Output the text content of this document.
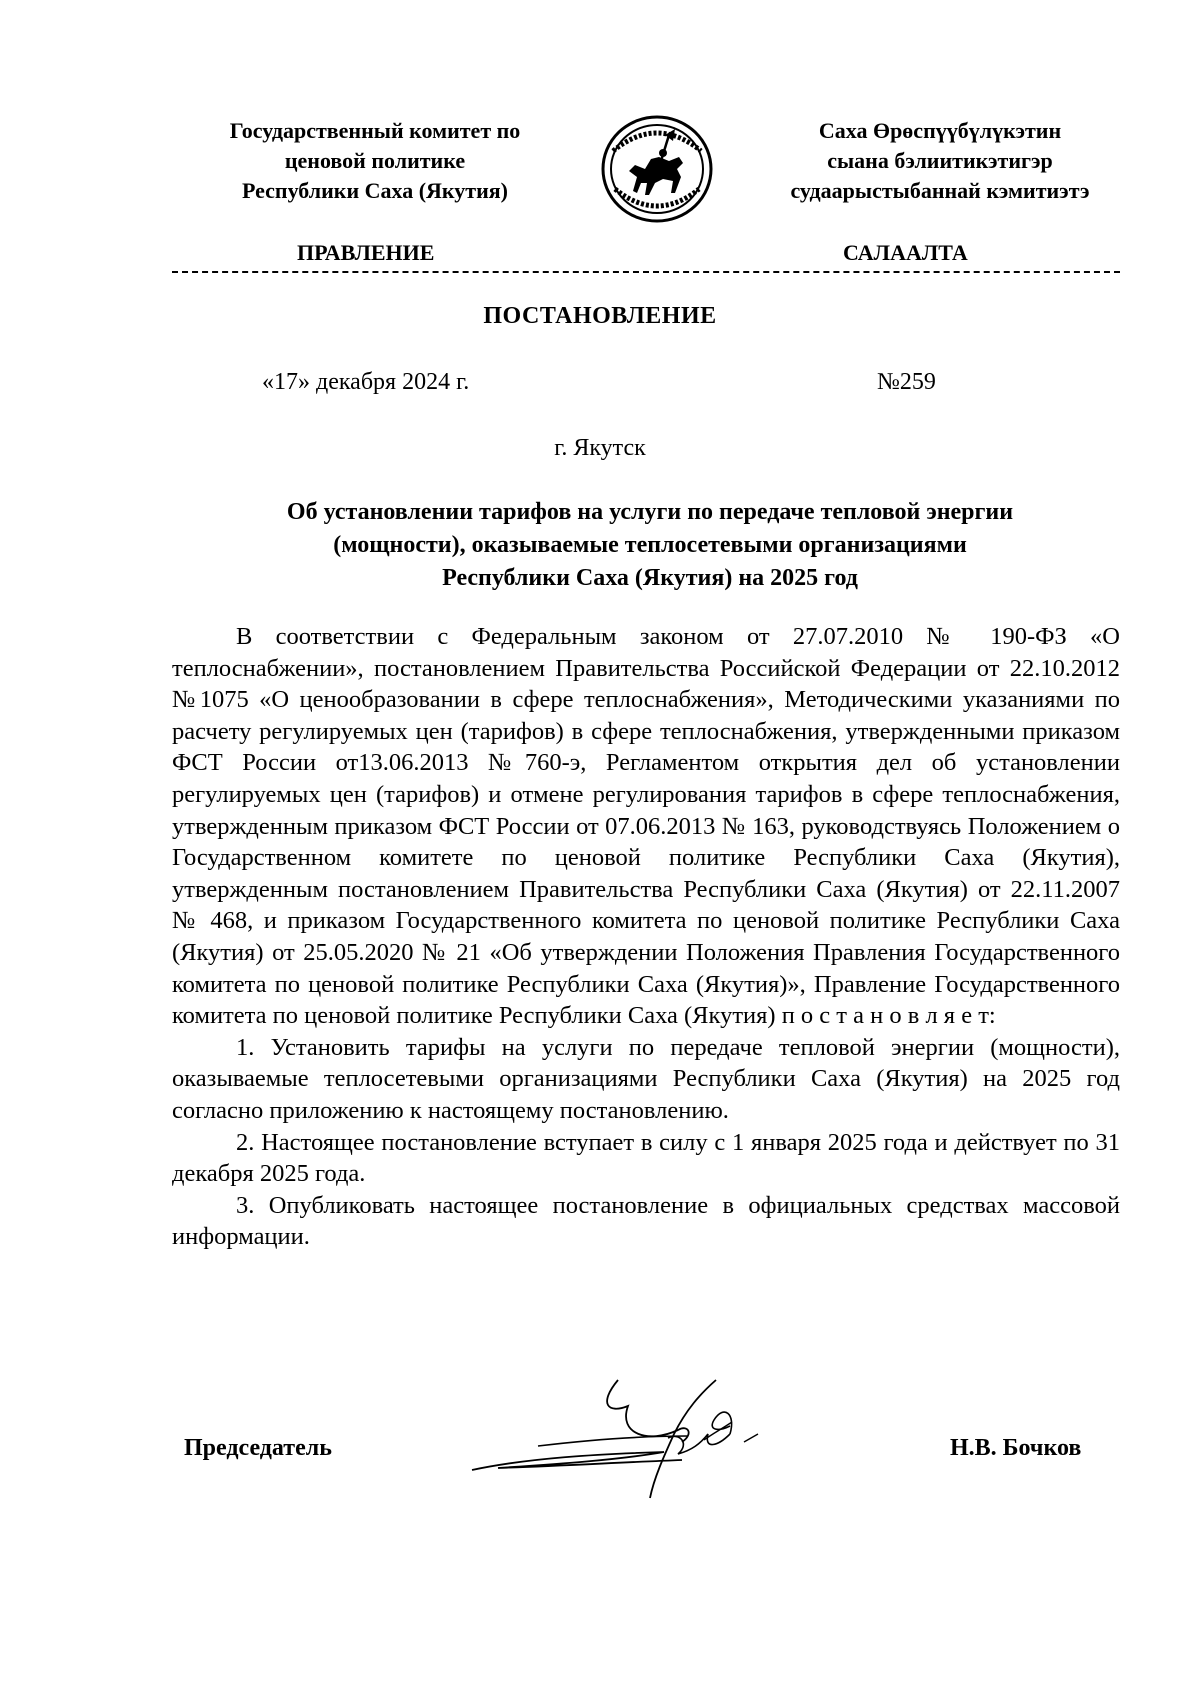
Государственный комитет по
ценовой политике
Республики Саха (Якутия)
Саха Өрөспүүбүлүкэтин
сыана бэлиитикэтигэр
судаарыстыбаннай кэмитиэтэ
ПРАВЛЕНИЕ	САЛААЛТА
ПОСТАНОВЛЕНИЕ
«17» декабря 2024 г.	№259
г. Якутск
Об установлении тарифов на услуги по передаче тепловой энергии
(мощности), оказываемые теплосетевыми организациями
Республики Саха (Якутия) на 2025 год

В соответствии с Федеральным законом от 27.07.2010 № 190-ФЗ «О теплоснабжении», постановлением Правительства Российской Федерации от 22.10.2012 №1075 «О ценообразовании в сфере теплоснабжения», Методическими указаниями по расчету регулируемых цен (тарифов) в сфере теплоснабжения, утвержденными приказом ФСТ России от13.06.2013 №760-э, Регламентом открытия дел об установлении регулируемых цен (тарифов) и отмене регулирования тарифов в сфере теплоснабжения, утвержденным приказом ФСТ России от 07.06.2013 № 163, руководствуясь Положением о Государственном комитете по ценовой политике Республики Саха (Якутия), утвержденным постановлением Правительства Республики Саха (Якутия) от 22.11.2007 № 468, и приказом Государственного комитета по ценовой политике Республики Саха (Якутия) от 25.05.2020 № 21 «Об утверждении Положения Правления Государственного комитета по ценовой политике Республики Саха (Якутия)», Правление Государственного комитета по ценовой политике Республики Саха (Якутия) п о с т а н о в л я е т:

1. Установить тарифы на услуги по передаче тепловой энергии (мощности), оказываемые теплосетевыми организациями Республики Саха (Якутия) на 2025 год согласно приложению к настоящему постановлению.

2. Настоящее постановление вступает в силу с 1 января 2025 года и действует по 31 декабря 2025 года.

3. Опубликовать настоящее постановление в официальных средствах массовой информации.

Председатель	Н.В. Бочков
